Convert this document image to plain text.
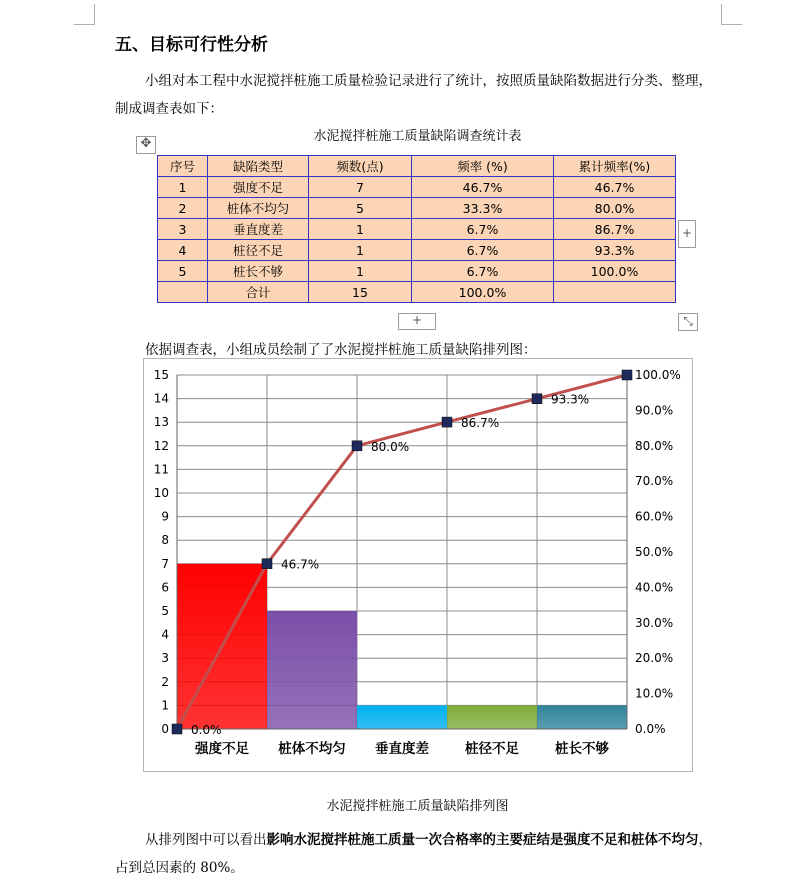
五、目标可行性分析
小组对本工程中水泥搅拌桩施工质量检验记录进行了统计，按照质量缺陷数据进行分类、整理，制成调查表如下：
水泥搅拌桩施工质量缺陷调查统计表
✥
序号	缺陷类型	频数(点)	频率 (%)	累计频率(%)
1	强度不足	7	46.7%	46.7%
2	桩体不均匀	5	33.3%	80.0%
3	垂直度差	1	6.7%	86.7%
4	桩径不足	1	6.7%	93.3%
5	桩长不够	1	6.7%	100.0%
	合计	15	100.0%	
+
+	⤡
依据调查表，小组成员绘制了了水泥搅拌桩施工质量缺陷排列图：
0
1
2
3
4
5
6
7
8
9
10
11
12
13
14
15
0.0%
10.0%
20.0%
30.0%
40.0%
50.0%
60.0%
70.0%
80.0%
90.0%
100.0%
强度不足 桩体不均匀 垂直度差	桩径不足	桩长不够
0.0%
46.7%
80.0%
86.7%
93.3%
水泥搅拌桩施工质量缺陷排列图
从排列图中可以看出影响水泥搅拌桩施工质量一次合格率的主要症结是强度不足和桩体不均匀，占到总因素的 80%。
